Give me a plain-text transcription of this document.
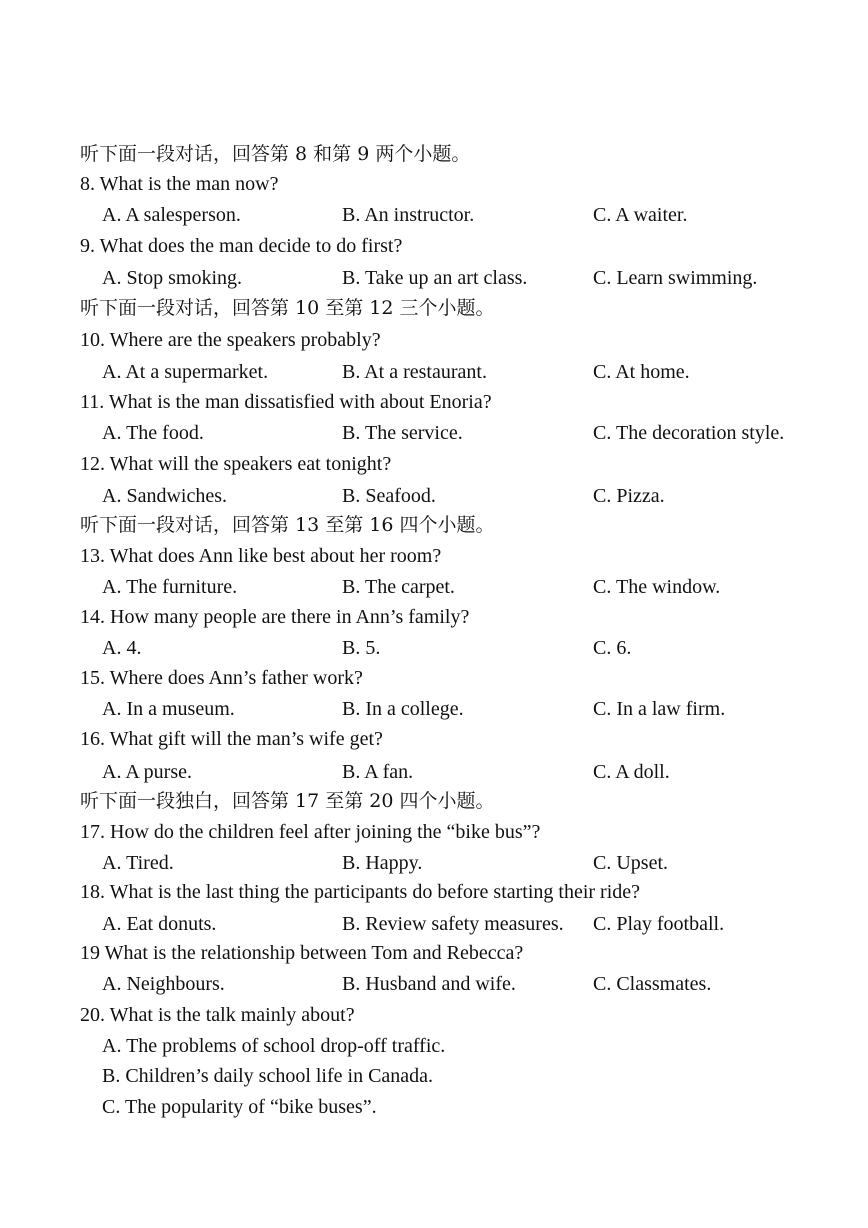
听下面一段对话，回答第 8 和第 9 两个小题。
8. What is the man now?
A. A salesperson.	B. An instructor.	C. A waiter.
9. What does the man decide to do first?
A. Stop smoking.	B. Take up an art class.	C. Learn swimming.
听下面一段对话，回答第 10 至第 12 三个小题。
10. Where are the speakers probably?
A. At a supermarket.	B. At a restaurant.	C. At home.
11. What is the man dissatisfied with about Enoria?
A. The food.	B. The service.	C. The decoration style.
12. What will the speakers eat tonight?
A. Sandwiches.	B. Seafood.	C. Pizza.
听下面一段对话，回答第 13 至第 16 四个小题。
13. What does Ann like best about her room?
A. The furniture.	B. The carpet.	C. The window.
14. How many people are there in Ann’s family?
A. 4.	B. 5.	C. 6.
15. Where does Ann’s father work?
A. In a museum.	B. In a college.	C. In a law firm.
16. What gift will the man’s wife get?
A. A purse.	B. A fan.	C. A doll.
听下面一段独白，回答第 17 至第 20 四个小题。
17. How do the children feel after joining the “bike bus”?
A. Tired.	B. Happy.	C. Upset.
18. What is the last thing the participants do before starting their ride?
A. Eat donuts.	B. Review safety measures. C. Play football.
19 What is the relationship between Tom and Rebecca?
A. Neighbours.	B. Husband and wife.	C. Classmates.
20. What is the talk mainly about?
A. The problems of school drop-off traffic.
B. Children’s daily school life in Canada.
C. The popularity of “bike buses”.
